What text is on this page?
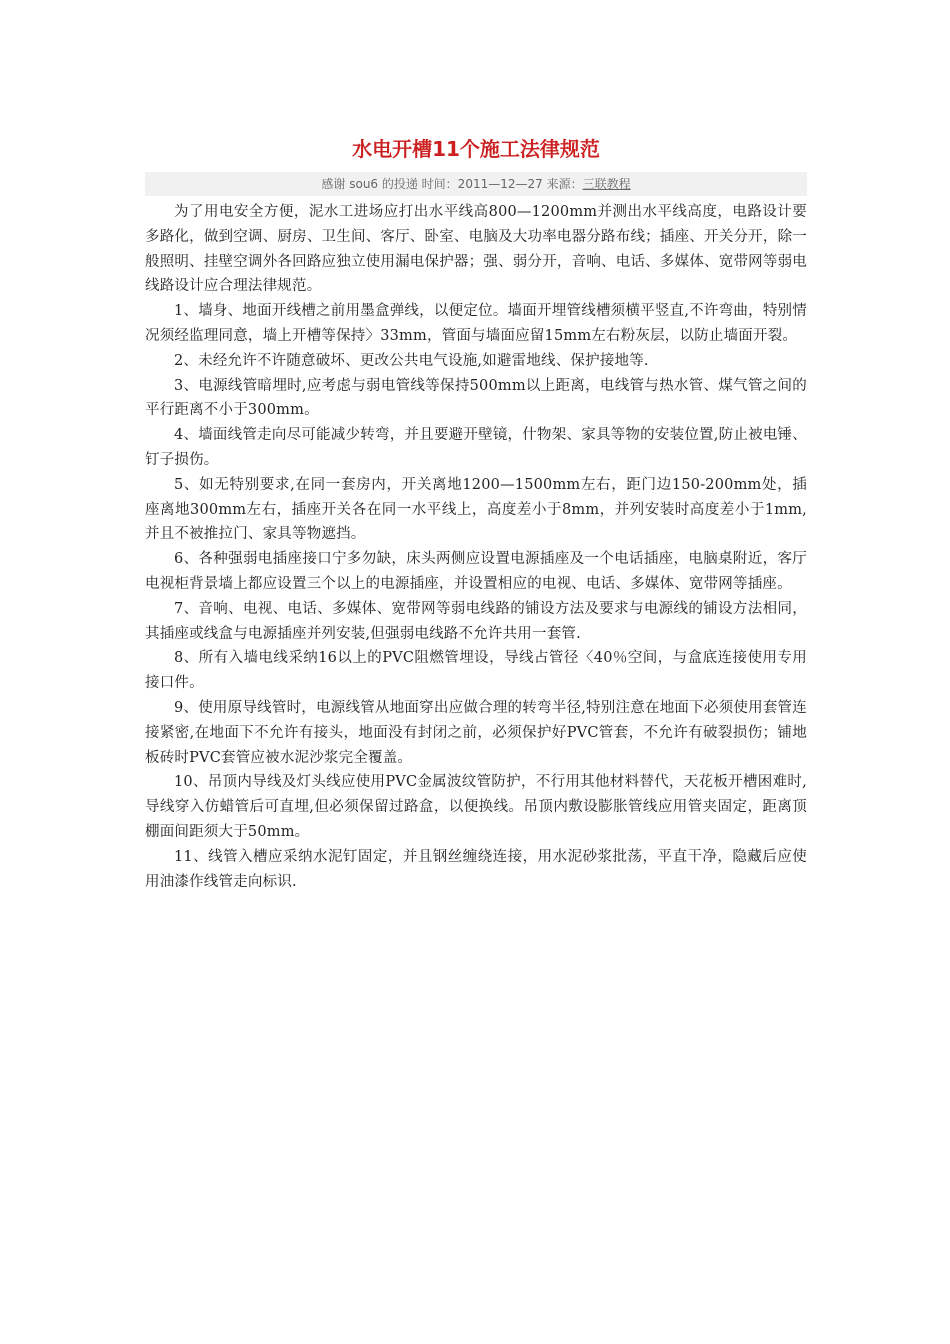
水电开槽11个施工法律规范
感谢 sou6 的投递 时间：2011—12—27 来源：三联教程

为了用电安全方便，泥水工进场应打出水平线高800—1200mm并测出水平线高度，电路设计要多路化，做到空调、厨房、卫生间、客厅、卧室、电脑及大功率电器分路布线；插座、开关分开，除一般照明、挂壁空调外各回路应独立使用漏电保护器；强、弱分开，音响、电话、多媒体、宽带网等弱电线路设计应合理法律规范。

1、墙身、地面开线槽之前用墨盒弹线，以便定位。墙面开埋管线槽须横平竖直,不许弯曲，特别情况须经监理同意，墙上开槽等保持〉33mm，管面与墙面应留15mm左右粉灰层，以防止墙面开裂。

2、未经允许不许随意破坏、更改公共电气设施,如避雷地线、保护接地等.

3、电源线管暗埋时,应考虑与弱电管线等保持500mm以上距离，电线管与热水管、煤气管之间的平行距离不小于300mm。

4、墙面线管走向尽可能减少转弯，并且要避开壁镜，什物架、家具等物的安装位置,防止被电锤、钉子损伤。

5、如无特别要求,在同一套房内，开关离地1200—1500mm左右，距门边150-200mm处，插座离地300mm左右，插座开关各在同一水平线上，高度差小于8mm，并列安装时高度差小于1mm,并且不被推拉门、家具等物遮挡。

6、各种强弱电插座接口宁多勿缺，床头两侧应设置电源插座及一个电话插座，电脑桌附近，客厅电视柜背景墙上都应设置三个以上的电源插座，并设置相应的电视、电话、多媒体、宽带网等插座。

7、音响、电视、电话、多媒体、宽带网等弱电线路的铺设方法及要求与电源线的铺设方法相同，其插座或线盒与电源插座并列安装,但强弱电线路不允许共用一套管.

8、所有入墙电线采纳16以上的PVC阻燃管埋设，导线占管径〈40％空间，与盒底连接使用专用接口件。

9、使用原导线管时，电源线管从地面穿出应做合理的转弯半径,特别注意在地面下必须使用套管连接紧密,在地面下不允许有接头，地面没有封闭之前，必须保护好PVC管套，不允许有破裂损伤；铺地板砖时PVC套管应被水泥沙浆完全覆盖。

10、吊顶内导线及灯头线应使用PVC金属波纹管防护，不行用其他材料替代，天花板开槽困难时,导线穿入仿蜡管后可直埋,但必须保留过路盒，以便换线。吊顶内敷设膨胀管线应用管夹固定，距离顶棚面间距须大于50mm。

11、线管入槽应采纳水泥钉固定，并且钢丝缠绕连接，用水泥砂浆批荡，平直干净，隐藏后应使用油漆作线管走向标识.
